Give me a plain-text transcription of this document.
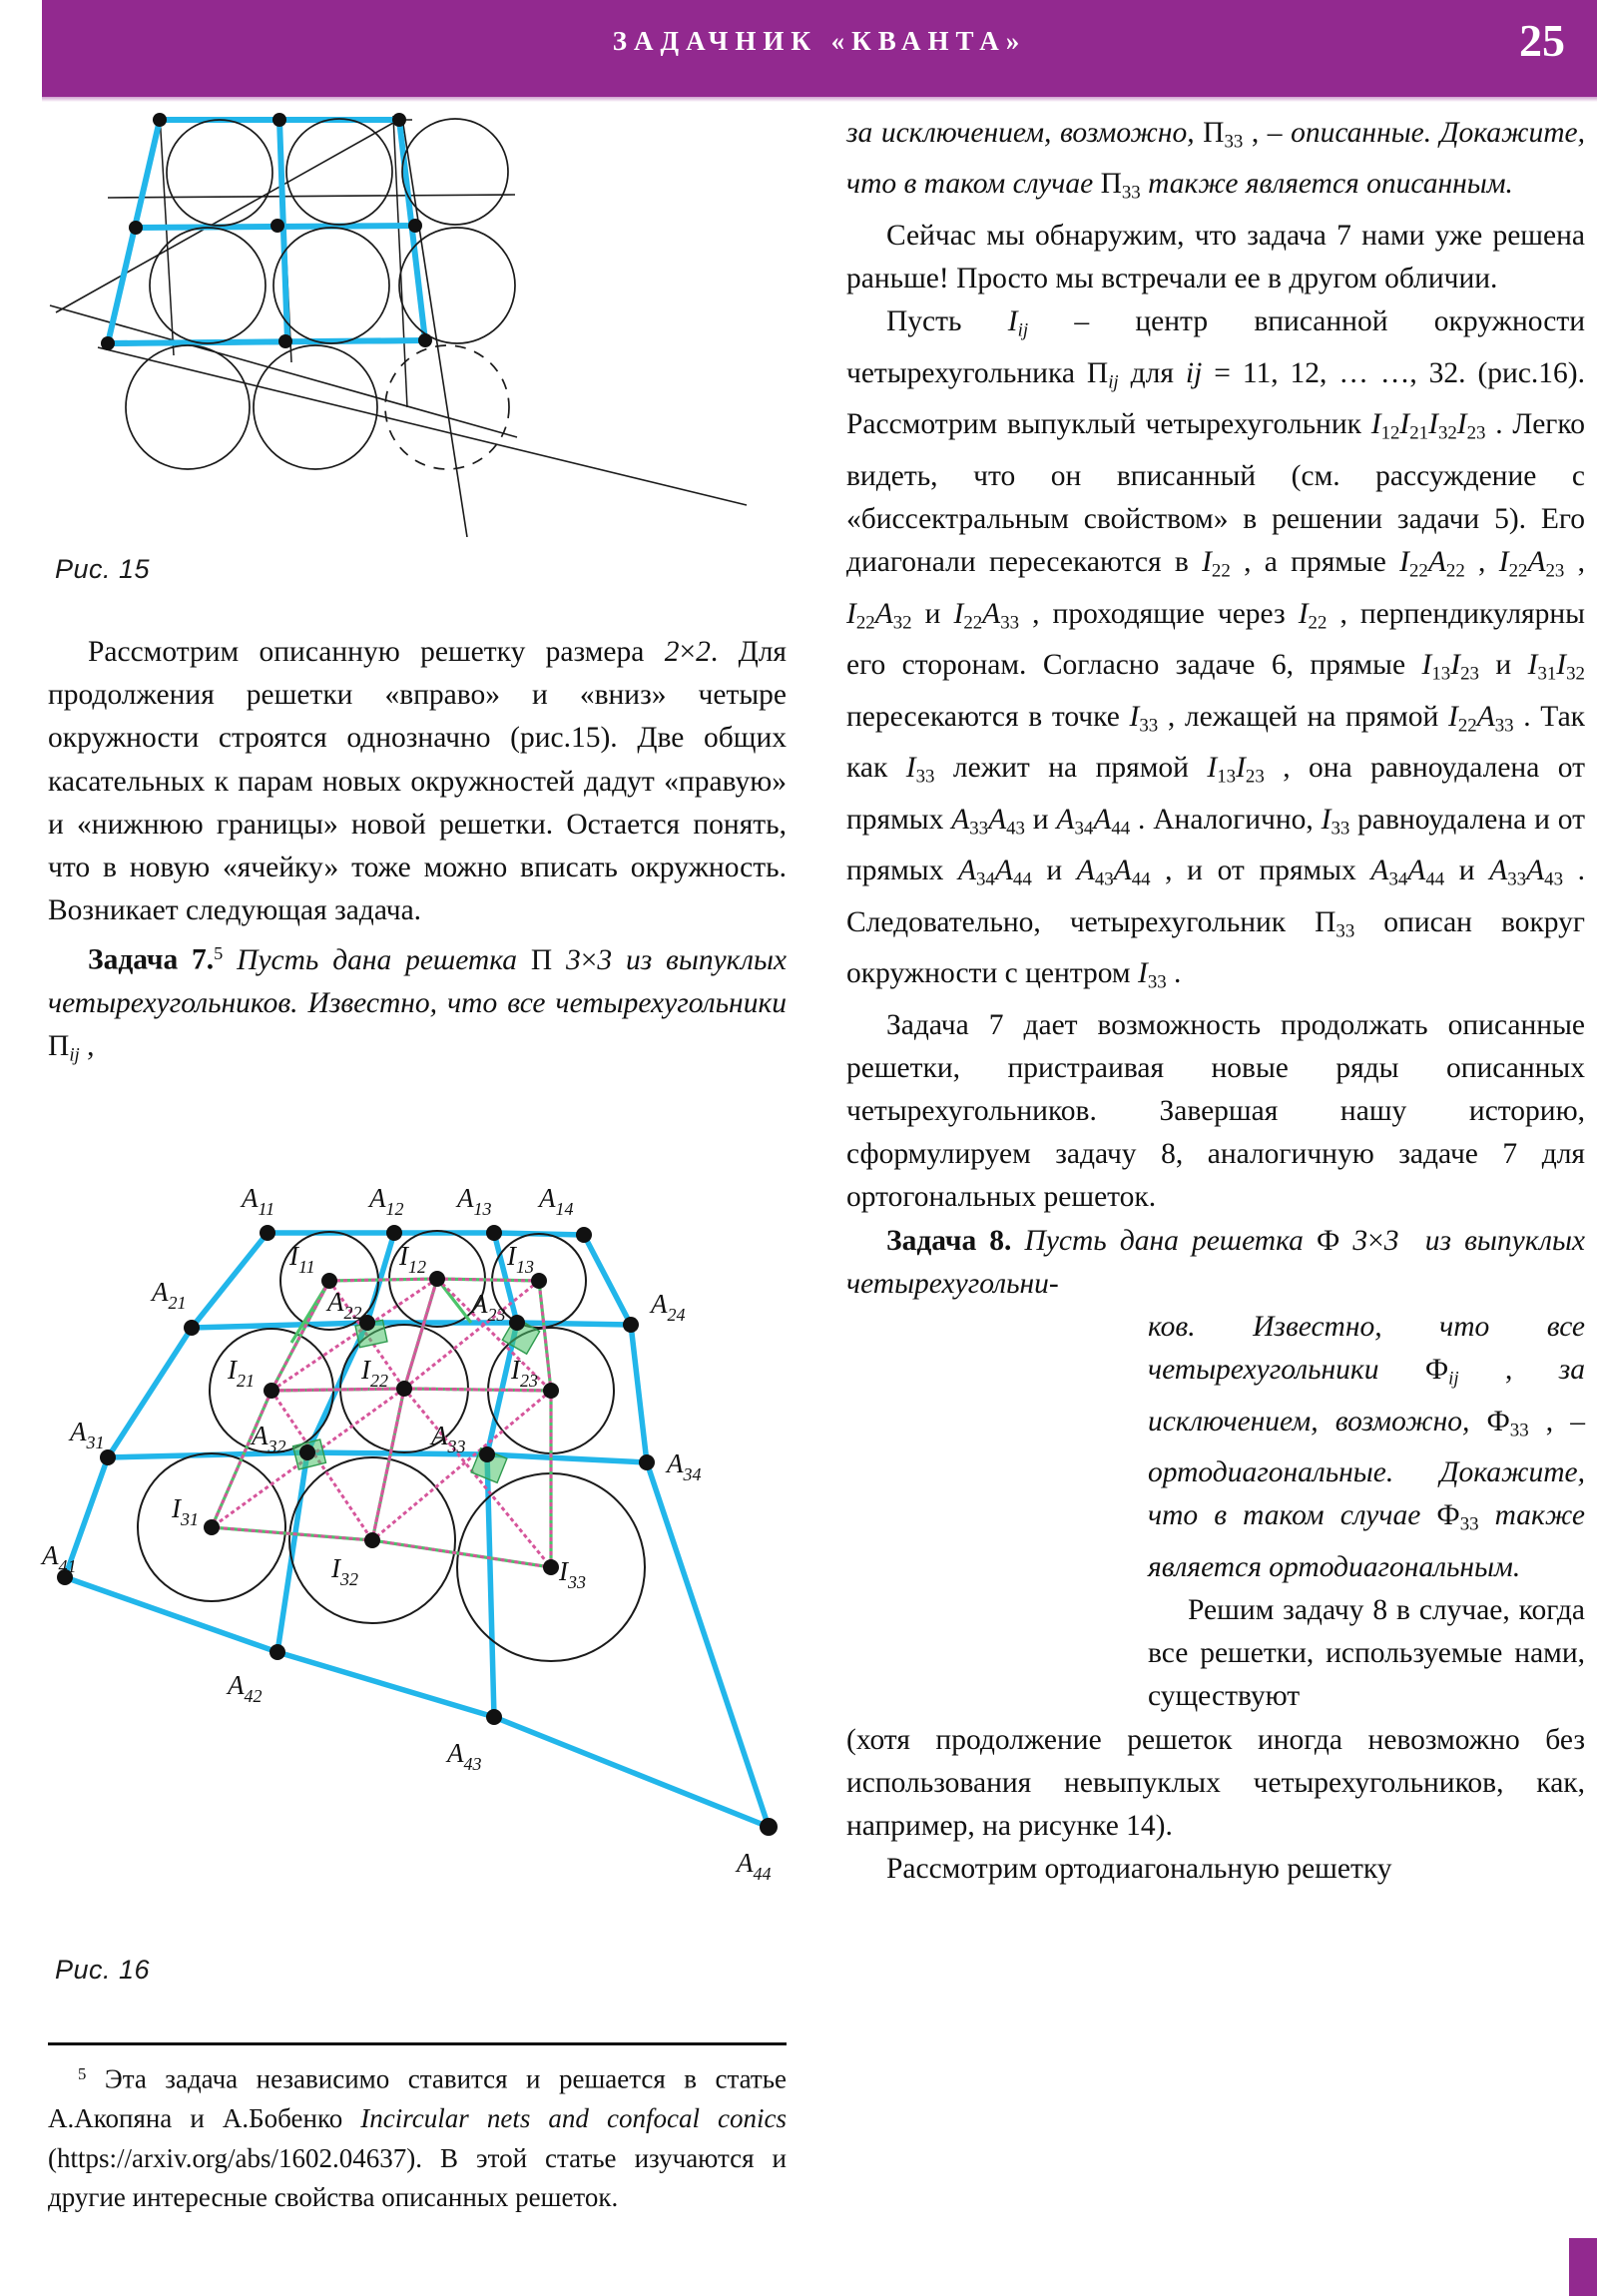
ЗАДАЧНИК «КВАНТА»	25
Рис. 15

Рассмотрим описанную решетку размера 2×2. Для продолжения решетки «вправо» и «вниз» четыре окружности строятся однозначно (рис.15). Две общих касательных к парам новых окружностей дадут «правую» и «нижнюю границы» новой решетки. Остается понять, что в новую «ячейку» тоже можно вписать окружность. Возникает следующая задача.

Задача 7.$^5$ Пусть дана решетка П 3×3 из выпуклых четырехугольников. Известно, что все четырехугольники $П_{ij}$ ,

$A_{11}$	$A_{12}$ $A_{13}$ $A_{14}$
$A_{21}$	$A_{22}$	$A_{23}$	$A_{24}$
$A_{31}$	$A_{32}$	$A_{33}$
$A_{34}$
$A_{41}$
$A_{42}$
$A_{43}$
$A_{44}$
$I_{11}$	$I_{12}$	$I_{13}$
$I_{21}$	$I_{22}$	$I_{23}$
$I_{31}$
$I_{32}$	$I_{33}$
Рис. 16

за исключением, возможно, $П_{33}$ , – описанные. Докажите, что в таком случае $П_{33}$ также является описанным.

Сейчас мы обнаружим, что задача 7 нами уже решена раньше! Просто мы встречали ее в другом обличии.

Пусть $I_{ij}$ – центр вписанной окружности четырехугольника $П_{ij}$ для ij = 11, 12, … …, 32. (рис.16). Рассмотрим выпуклый четырехугольник $I_{12}I_{21}I_{32}I_{23}$ . Легко видеть, что он вписанный (см. рассуждение с «биссектральным свойством» в решении задачи 5). Его диагонали пересекаются в $I_{22}$ , а прямые $I_{22}A_{22}$ , $I_{22}A_{23}$ , $I_{22}A_{32}$ и $I_{22}A_{33}$ , проходящие через $I_{22}$ , перпендикулярны его сторонам. Согласно задаче 6, прямые $I_{13}I_{23}$ и $I_{31}I_{32}$ пересекаются в точке $I_{33}$ , лежащей на прямой $I_{22}A_{33}$ . Так как $I_{33}$ лежит на прямой $I_{13}I_{23}$ , она равноудалена от прямых $A_{33}A_{43}$ и $A_{34}A_{44}$ . Аналогично, $I_{33}$ равноудалена и от прямых $A_{34}A_{44}$ и $A_{43}A_{44}$ , и от прямых $A_{34}A_{44}$ и $A_{33}A_{43}$ . Следовательно, четырехугольник $П_{33}$ описан вокруг окружности с центром $I_{33}$ .

Задача 7 дает возможность продолжать описанные решетки, пристраивая новые ряды описанных четырехугольников. Завершая нашу историю, сформулируем задачу 8, аналогичную задаче 7 для ортогональных решеток.

Задача 8. Пусть дана решетка Ф 3×3 из выпуклых четырехугольни-

ков. Известно, что все четырехугольники $Ф_{ij}$ , за исключением, возможно, $Ф_{33}$ , – ортодиагональные. Докажите, что в таком случае $Ф_{33}$ также является ортодиагональным.

Решим задачу 8 в случае, когда все решетки, используемые нами, существуют

(хотя продолжение решеток иногда невозможно без использования невыпуклых четырехугольников, как, например, на рисунке 14).

Рассмотрим ортодиагональную решетку

$^5$ Эта задача независимо ставится и решается в статье А.Акопяна и А.Бобенко Incircular nets and confocal conics (https://arxiv.org/abs/1602.04637). В этой статье изучаются и другие интересные свойства описанных решеток.
